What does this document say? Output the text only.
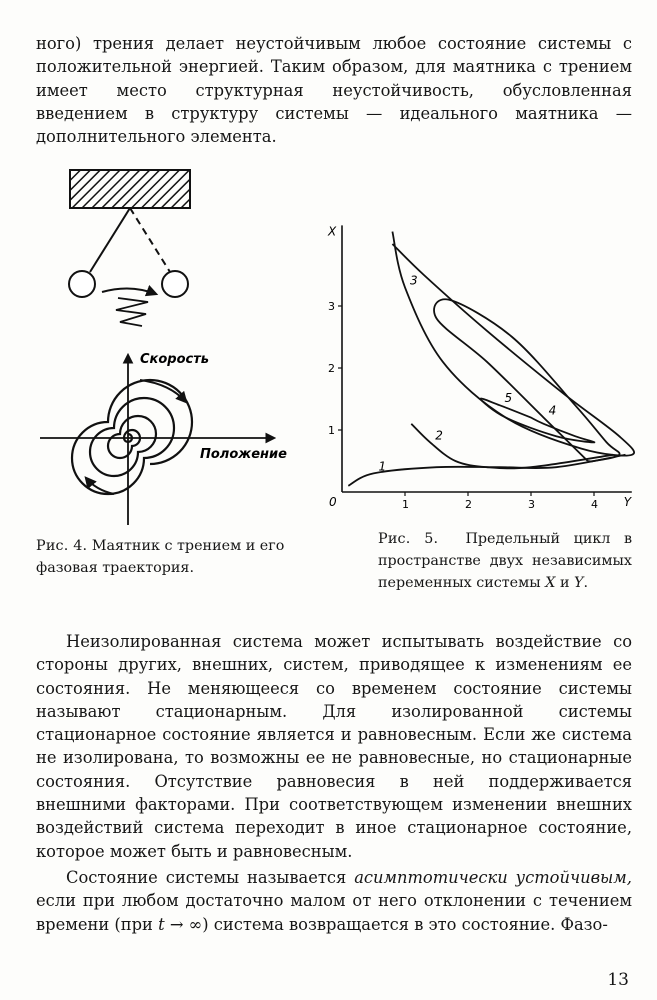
ного) трения делает неустойчивым любое состояние системы с положительной энергией. Таким образом, для маятника с трением имеет место структурная неустойчивость, обусловленная введением в структуру системы — идеального маятника — дополнительного элемента.

Скорость
Положение

Рис. 4. Маятник с трением и его фазовая траектория.

Y
X
0	1	2	3	4
1
2
3
1
2
3
4
5

Рис. 5. Предельный цикл в пространстве двух независимых переменных системы X и Y.

Неизолированная система может испытывать воздействие со стороны других, внешних, систем, приводящее к изменениям ее состояния. Не меняющееся со временем состояние системы называют стационарным. Для изолированной системы стационарное состояние является и равновесным. Если же система не изолирована, то возможны ее не равновесные, но стационарные состояния. Отсутствие равновесия в ней поддерживается внешними факторами. При соответствующем изменении внешних воздействий система переходит в иное стационарное состояние, которое может быть и равновесным.

Состояние системы называется асимптотически устойчивым, если при любом достаточно малом от него отклонении с течением времени (при t → ∞) система возвращается в это состояние. Фазо-

13
